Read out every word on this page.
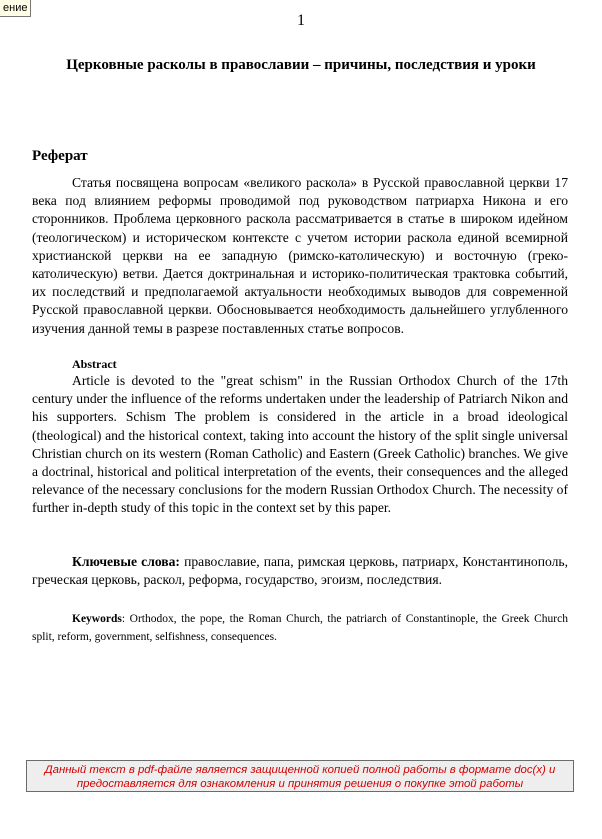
ение
1
Церковные расколы в православии – причины, последствия и уроки
Реферат
Статья посвящена вопросам «великого раскола» в Русской православной церкви 17 века под влиянием реформы проводимой под руководством патриарха Никона и его сторонников. Проблема церковного раскола рассматривается в статье в широком идейном (теологическом) и историческом контексте с учетом истории раскола единой всемирной христианской церкви на ее западную (римско-католическую) и восточную (греко-католическую) ветви. Дается доктринальная и историко-политическая трактовка событий, их последствий и предполагаемой актуальности необходимых выводов для современной Русской православной церкви. Обосновывается необходимость дальнейшего углубленного изучения данной темы в разрезе поставленных статье вопросов.
Abstract
Article is devoted to the "great schism" in the Russian Orthodox Church of the 17th century under the influence of the reforms undertaken under the leadership of Patriarch Nikon and his supporters. Schism The problem is considered in the article in a broad ideological (theological) and the historical context, taking into account the history of the split single universal Christian church on its western (Roman Catholic) and Eastern (Greek Catholic) branches. We give a doctrinal, historical and political interpretation of the events, their consequences and the alleged relevance of the necessary conclusions for the modern Russian Orthodox Church. The necessity of further in-depth study of this topic in the context set by this paper.
Ключевые слова: православие, папа, римская церковь, патриарх, Константинополь, греческая церковь, раскол, реформа, государство, эгоизм, последствия.
Keywords: Orthodox, the pope, the Roman Church, the patriarch of Constantinople, the Greek Church split, reform, government, selfishness, consequences.
Данный текст в pdf-файле является защищенной копией полной работы в формате doc(x) и предоставляется для ознакомления и принятия решения о покупке этой работы
